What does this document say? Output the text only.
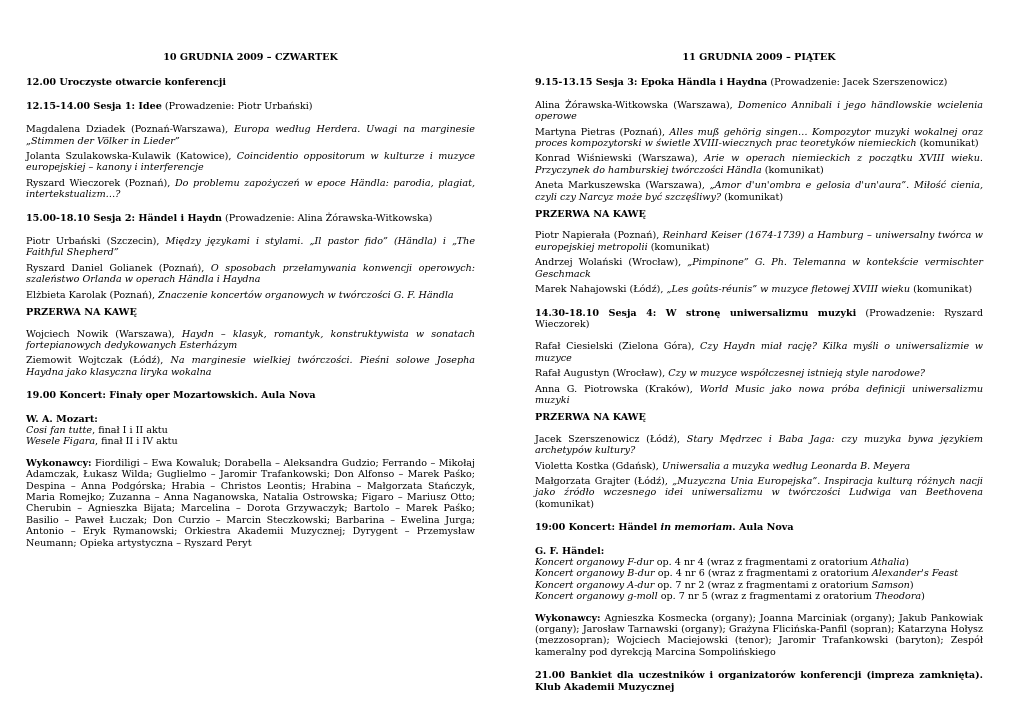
10 GRUDNIA 2009 – CZWARTEK

12.00 Uroczyste otwarcie konferencji

12.15-14.00 Sesja 1: Idee (Prowadzenie: Piotr Urbański)

Magdalena Dziadek (Poznań-Warszawa), Europa według Herdera. Uwagi na marginesie „Stimmen der Völker in Lieder”

Jolanta Szulakowska-Kulawik (Katowice), Coincidentio oppositorum w kulturze i muzyce europejskiej – kanony i interferencje

Ryszard Wieczorek (Poznań), Do problemu zapożyczeń w epoce Händla: parodia, plagiat, intertekstualizm…?

15.00-18.10 Sesja 2: Händel i Haydn (Prowadzenie: Alina Żórawska-Witkowska)

Piotr Urbański (Szczecin), Między językami i stylami. „Il pastor fido” (Händla) i „The Faithful Shepherd”

Ryszard Daniel Golianek (Poznań), O sposobach przełamywania konwencji operowych: szaleństwo Orlanda w operach Händla i Haydna

Elżbieta Karolak (Poznań), Znaczenie koncertów organowych w twórczości G. F. Händla

PRZERWA NA KAWĘ

Wojciech Nowik (Warszawa), Haydn – klasyk, romantyk, konstruktywista w sonatach fortepianowych dedykowanych Esterházym

Ziemowit Wojtczak (Łódź), Na marginesie wielkiej twórczości. Pieśni solowe Josepha Haydna jako klasyczna liryka wokalna

19.00 Koncert: Finały oper Mozartowskich. Aula Nova

W. A. Mozart:
Cosi fan tutte, finał I i II aktu
Wesele Figara, finał II i IV aktu

Wykonawcy: Fiordiligi – Ewa Kowaluk; Dorabella – Aleksandra Gudzio; Ferrando – Mikołaj Adamczak, Łukasz Wilda; Guglielmo – Jaromir Trafankowski; Don Alfonso – Marek Paśko; Despina – Anna Podgórska; Hrabia – Christos Leontis; Hrabina – Małgorzata Stańczyk, Maria Romejko; Zuzanna – Anna Naganowska, Natalia Ostrowska; Figaro – Mariusz Otto; Cherubin – Agnieszka Bijata; Marcelina – Dorota Grzywaczyk; Bartolo – Marek Paśko; Basilio – Paweł Łuczak; Don Curzio – Marcin Steczkowski; Barbarina – Ewelina Jurga; Antonio – Eryk Rymanowski; Orkiestra Akademii Muzycznej; Dyrygent – Przemysław Neumann; Opieka artystyczna – Ryszard Peryt

11 GRUDNIA 2009 – PIĄTEK

9.15-13.15 Sesja 3: Epoka Händla i Haydna (Prowadzenie: Jacek Szerszenowicz)

Alina Żórawska-Witkowska (Warszawa), Domenico Annibali i jego händlowskie wcielenia operowe

Martyna Pietras (Poznań), Alles muß gehörig singen… Kompozytor muzyki wokalnej oraz proces kompozytorski w świetle XVIII-wiecznych prac teoretyków niemieckich (komunikat)

Konrad Wiśniewski (Warszawa), Arie w operach niemieckich z początku XVIII wieku. Przyczynek do hamburskiej twórczości Händla (komunikat)

Aneta Markuszewska (Warszawa), „Amor d'un'ombra e gelosia d'un'aura”. Miłość cienia, czyli czy Narcyz może być szczęśliwy? (komunikat)

PRZERWA NA KAWĘ

Piotr Napierała (Poznań), Reinhard Keiser (1674-1739) a Hamburg – uniwersalny twórca w europejskiej metropolii (komunikat)

Andrzej Wolański (Wrocław), „Pimpinone” G. Ph. Telemanna w kontekście vermischter Geschmack

Marek Nahajowski (Łódź), „Les goûts-réunis” w muzyce fletowej XVIII wieku (komunikat)

14.30-18.10 Sesja 4: W stronę uniwersalizmu muzyki (Prowadzenie: Ryszard Wieczorek)

Rafał Ciesielski (Zielona Góra), Czy Haydn miał rację? Kilka myśli o uniwersalizmie w muzyce

Rafał Augustyn (Wrocław), Czy w muzyce współczesnej istnieją style narodowe?

Anna G. Piotrowska (Kraków), World Music jako nowa próba definicji uniwersalizmu muzyki

PRZERWA NA KAWĘ

Jacek Szerszenowicz (Łódź), Stary Mędrzec i Baba Jaga: czy muzyka bywa językiem archetypów kultury?

Violetta Kostka (Gdańsk), Uniwersalia a muzyka według Leonarda B. Meyera

Małgorzata Grajter (Łódź), „Muzyczna Unia Europejska”. Inspiracja kulturą różnych nacji jako źródło wczesnego idei uniwersalizmu w twórczości Ludwiga van Beethovena (komunikat)

19:00 Koncert: Händel in memoriam. Aula Nova

G. F. Händel:
Koncert organowy F-dur op. 4 nr 4 (wraz z fragmentami z oratorium Athalia)
Koncert organowy B-dur op. 4 nr 6 (wraz z fragmentami z oratorium Alexander's Feast
Koncert organowy A-dur op. 7 nr 2 (wraz z fragmentami z oratorium Samson)
Koncert organowy g-moll op. 7 nr 5 (wraz z fragmentami z oratorium Theodora)

Wykonawcy: Agnieszka Kosmecka (organy); Joanna Marciniak (organy); Jakub Pankowiak (organy); Jarosław Tarnawski (organy); Grażyna Flicińska-Panfil (sopran); Katarzyna Hołysz (mezzosopran); Wojciech Maciejowski (tenor); Jaromir Trafankowski (baryton); Zespół kameralny pod dyrekcją Marcina Sompolińskiego

21.00 Bankiet dla uczestników i organizatorów konferencji (impreza zamknięta). Klub Akademii Muzycznej
